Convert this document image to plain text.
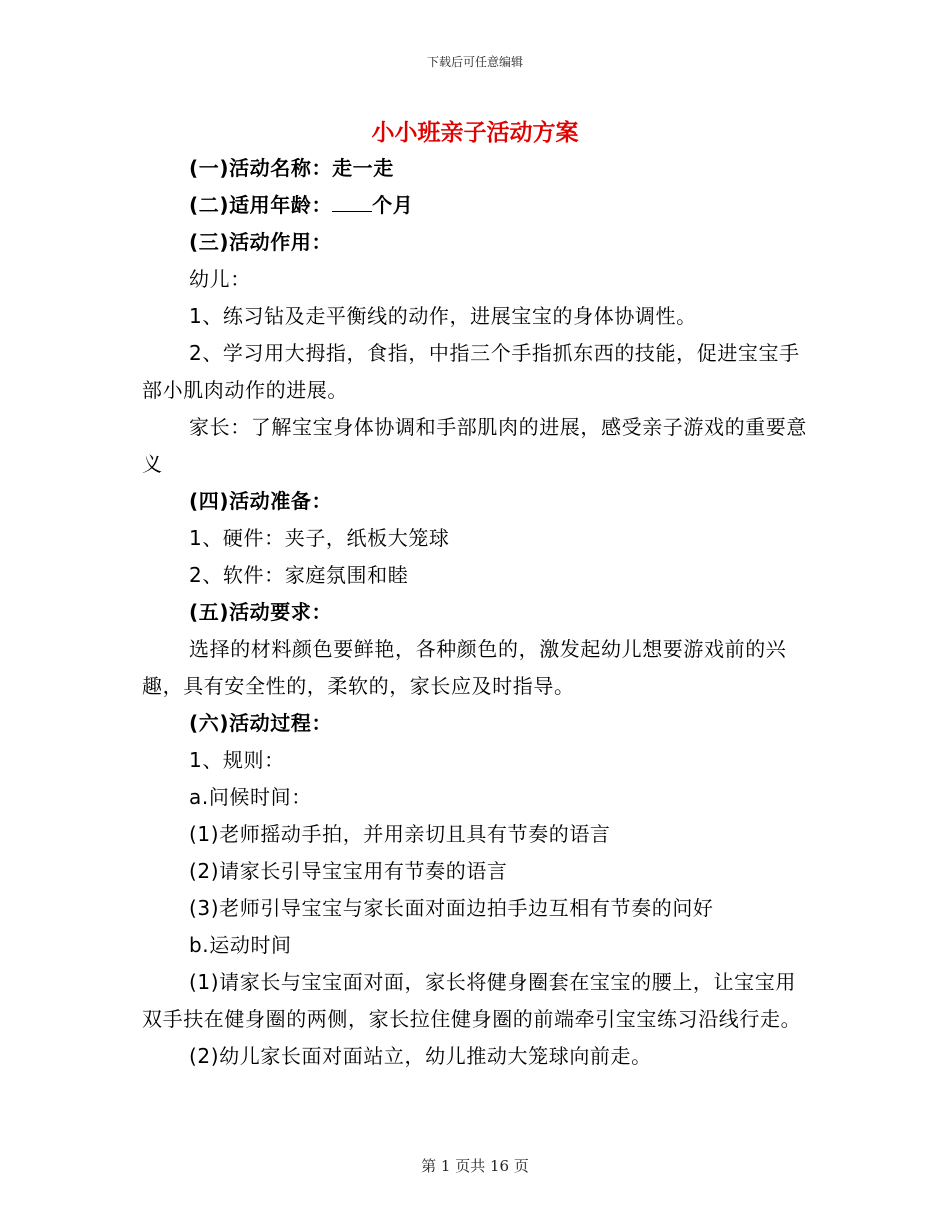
下载后可任意编辑
小小班亲子活动方案

(一)活动名称：走一走

(二)适用年龄： 个月

(三)活动作用：

幼儿：

1、练习钻及走平衡线的动作，进展宝宝的身体协调性。

2、学习用大拇指，食指，中指三个手指抓东西的技能，促进宝宝手部小肌肉动作的进展。

家长：了解宝宝身体协调和手部肌肉的进展，感受亲子游戏的重要意义

(四)活动准备：

1、硬件：夹子，纸板大笼球

2、软件：家庭氛围和睦

(五)活动要求：

选择的材料颜色要鲜艳，各种颜色的，激发起幼儿想要游戏前的兴趣，具有安全性的，柔软的，家长应及时指导。

(六)活动过程：

1、规则：

a.问候时间：

(1)老师摇动手拍，并用亲切且具有节奏的语言

(2)请家长引导宝宝用有节奏的语言

(3)老师引导宝宝与家长面对面边拍手边互相有节奏的问好

b.运动时间

(1)请家长与宝宝面对面，家长将健身圈套在宝宝的腰上，让宝宝用双手扶在健身圈的两侧，家长拉住健身圈的前端牵引宝宝练习沿线行走。

(2)幼儿家长面对面站立，幼儿推动大笼球向前走。

第 1 页共 16 页
